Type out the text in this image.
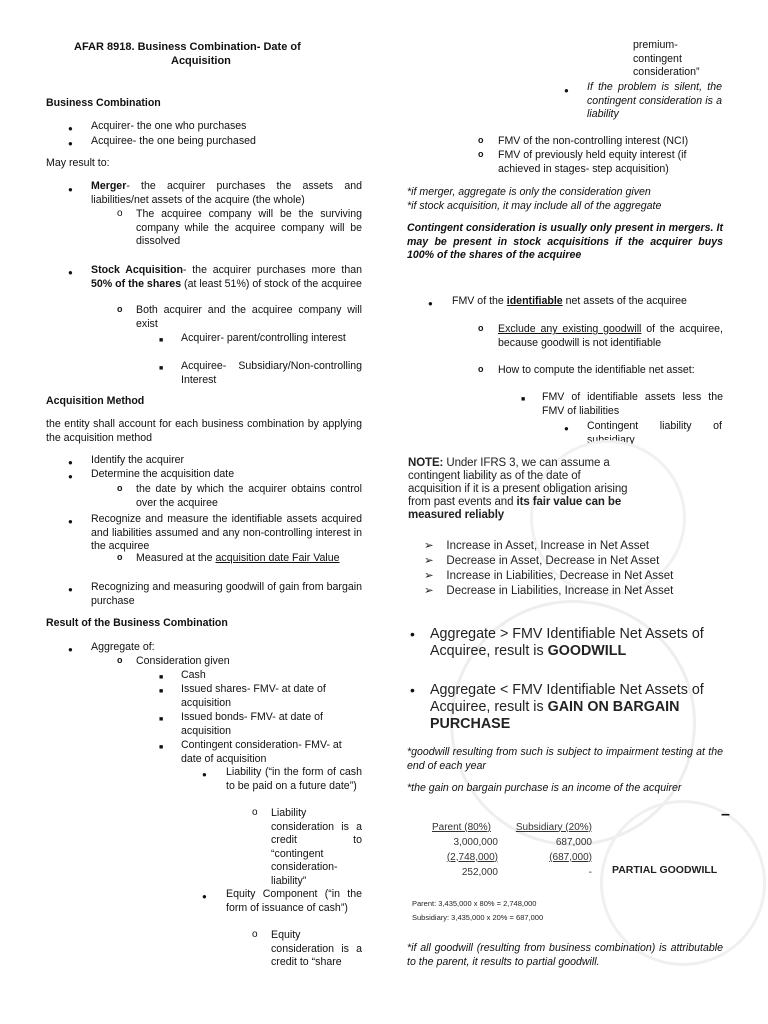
AFAR 8918. Business Combination- Date of
Acquisition
Business Combination
● Acquirer- the one who purchases
● Acquiree- the one being purchased
May result to:
● Merger- the acquirer purchases the assets and liabilities/net assets of the acquire (the whole)
o The acquiree company will be the surviving company while the acquiree company will be dissolved
● Stock Acquisition- the acquirer purchases more than 50% of the shares (at least 51%) of stock of the acquiree
o Both acquirer and the acquiree company will exist
■ Acquirer- parent/controlling interest
■ Acquiree- Subsidiary/Non-controlling Interest
Acquisition Method
the entity shall account for each business combination by applying the acquisition method
● Identify the acquirer
● Determine the acquisition date
o the date by which the acquirer obtains control over the acquiree
● Recognize and measure the identifiable assets acquired and liabilities assumed and any non-controlling interest in the acquiree
o Measured at the acquisition date Fair Value
● Recognizing and measuring goodwill of gain from bargain purchase
Result of the Business Combination
● Aggregate of:
o Consideration given
■ Cash
■ Issued shares- FMV- at date of acquisition
■ Issued bonds- FMV- at date of acquisition
■ Contingent consideration- FMV- at date of acquisition
● Liability (“in the form of cash to be paid on a future date”)
o Liability consideration is a credit to “contingent consideration-liability”
● Equity Component (“in the form of issuance of cash”)
o Equity consideration is a credit to “share
premium-contingent consideration”
● If the problem is silent, the contingent consideration is a liability
o FMV of the non-controlling interest (NCI)
o FMV of previously held equity interest (if achieved in stages- step acquisition)
*if merger, aggregate is only the consideration given
*if stock acquisition, it may include all of the aggregate
Contingent consideration is usually only present in mergers. It may be present in stock acquisitions if the acquirer buys 100% of the shares of the acquiree
● FMV of the identifiable net assets of the acquiree
o Exclude any existing goodwill of the acquiree, because goodwill is not identifiable
o How to compute the identifiable net asset:
■ FMV of identifiable assets less the FMV of liabilities
● Contingent liability of subsidiary
NOTE: Under IFRS 3, we can assume a contingent liability as of the date of acquisition if it is a present obligation arising from past events and its fair value can be measured reliably
➢ Increase in Asset, Increase in Net Asset
➢ Decrease in Asset, Decrease in Net Asset
➢ Increase in Liabilities, Decrease in Net Asset
➢ Decrease in Liabilities, Increase in Net Asset
• Aggregate > FMV Identifiable Net Assets of Acquiree, result is GOODWILL
• Aggregate < FMV Identifiable Net Assets of Acquiree, result is GAIN ON BARGAIN PURCHASE
*goodwill resulting from such is subject to impairment testing at the end of each year
*the gain on bargain purchase is an income of the acquirer
–
Parent (80%)	Subsidiary (20%)
3,000,000	687,000
(2,748,000)	(687,000)
252,000	- PARTIAL GOODWILL
Parent: 3,435,000 x 80% = 2,748,000
Subsidiary: 3,435,000 x 20% = 687,000
*if all goodwill (resulting from business combination) is attributable to the parent, it results to partial goodwill.
